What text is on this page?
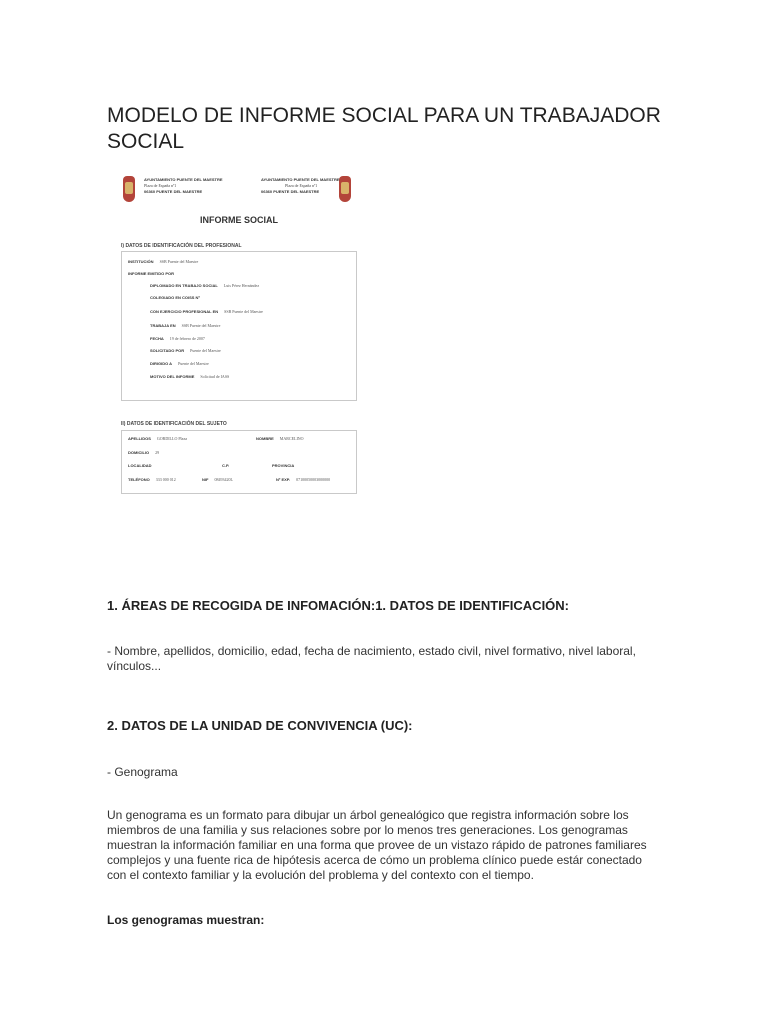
MODELO DE INFORME SOCIAL PARA UN TRABAJADOR SOCIAL
AYUNTAMIENTO PUENTE DEL MAESTRE
Plaza de España nº1
06360 PUENTE DEL MAESTRE
AYUNTAMIENTO PUENTE DEL MAESTRE
Plaza de España nº1
06360 PUENTE DEL MAESTRE
INFORME SOCIAL
I) DATOS DE IDENTIFICACIÓN DEL PROFESIONAL
INSTITUCIÓN SSB Puente del Maestre
INFORME EMITIDO POR
DIPLOMADO EN TRABAJO SOCIAL Luis Pérez Hernández
COLEGIADO EN COISS Nº
CON EJERCICIO PROFESIONAL EN SSB Puente del Maestre
TRABAJA EN SSB Puente del Maestre
FECHA 19 de febrero de 2007
SOLICITADO POR Puente del Maestre
DIRIGIDO A Puente del Maestre
MOTIVO DEL INFORME Solicitud de IASS
II) DATOS DE IDENTIFICACIÓN DEL SUJETO
APELLIDOS GORDILLO Plaza	NOMBRE MARCELINO
DOMICILIO 29
LOCALIDAD	C.P.	PROVINCIA
TELÉFONO 333 000 012	NIF 08493420L	Nº EXP. 07100050003000000
1. ÁREAS DE RECOGIDA DE INFOMACIÓN:1. DATOS DE IDENTIFICACIÓN:

- Nombre, apellidos, domicilio, edad, fecha de nacimiento, estado civil, nivel formativo, nivel laboral, vínculos...

2. DATOS DE LA UNIDAD DE CONVIVENCIA (UC):

- Genograma

Un genograma es un formato para dibujar un árbol genealógico que registra información sobre los miembros de una familia y sus relaciones sobre por lo menos tres generaciones. Los genogramas muestran la información familiar en una forma que provee de un vistazo rápido de patrones familiares complejos y una fuente rica de hipótesis acerca de cómo un problema clínico puede estár conectado con el contexto familiar y la evolución del problema y del contexto con el tiempo.

Los genogramas muestran:
